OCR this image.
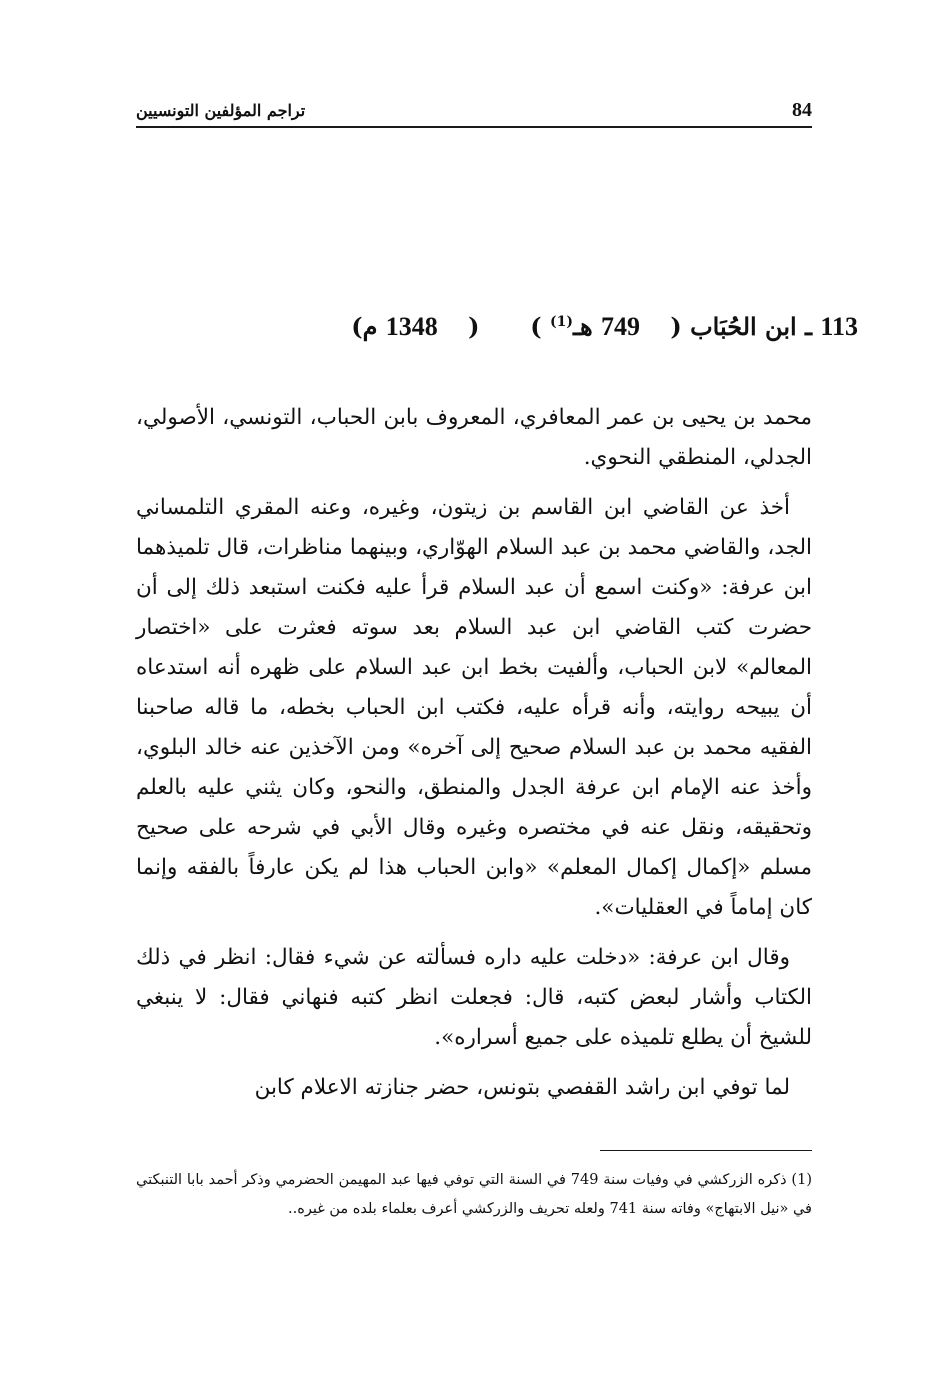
84
تراجم المؤلفين التونسيين
113 ـ ابن الحُبَاب ( 749 هـ$^{(1)}$ )  ( 1348 م)

محمد بن يحيى بن عمر المعافري، المعروف بابن الحباب، التونسي، الأصولي، الجدلي، المنطقي النحوي.

أخذ عن القاضي ابن القاسم بن زيتون، وغيره، وعنه المقري التلمساني الجد، والقاضي محمد بن عبد السلام الهوّاري، وبينهما مناظرات، قال تلميذهما ابن عرفة: «وكنت اسمع أن عبد السلام قرأ عليه فكنت استبعد ذلك إلى أن حضرت كتب القاضي ابن عبد السلام بعد سوته فعثرت على «اختصار المعالم» لابن الحباب، وألفيت بخط ابن عبد السلام على ظهره أنه استدعاه أن يبيحه روايته، وأنه قرأه عليه، فكتب ابن الحباب بخطه، ما قاله صاحبنا الفقيه محمد بن عبد السلام صحيح إلى آخره» ومن الآخذين عنه خالد البلوي، وأخذ عنه الإمام ابن عرفة الجدل والمنطق، والنحو، وكان يثني عليه بالعلم وتحقيقه، ونقل عنه في مختصره وغيره وقال الأبي في شرحه على صحيح مسلم «إكمال إكمال المعلم» «وابن الحباب هذا لم يكن عارفاً بالفقه وإنما كان إماماً في العقليات».

وقال ابن عرفة: «دخلت عليه داره فسألته عن شيء فقال: انظر في ذلك الكتاب وأشار لبعض كتبه، قال: فجعلت انظر كتبه فنهاني فقال: لا ينبغي للشيخ أن يطلع تلميذه على جميع أسراره».

لما توفي ابن راشد القفصي بتونس، حضر جنازته الاعلام كابن

(1) ذكره الزركشي في وفيات سنة 749 في السنة التي توفي فيها عبد المهيمن الحضرمي وذكر أحمد بابا التنبكتي في «نيل الابتهاج» وفاته سنة 741 ولعله تحريف والزركشي أعرف بعلماء بلده من غيره..
